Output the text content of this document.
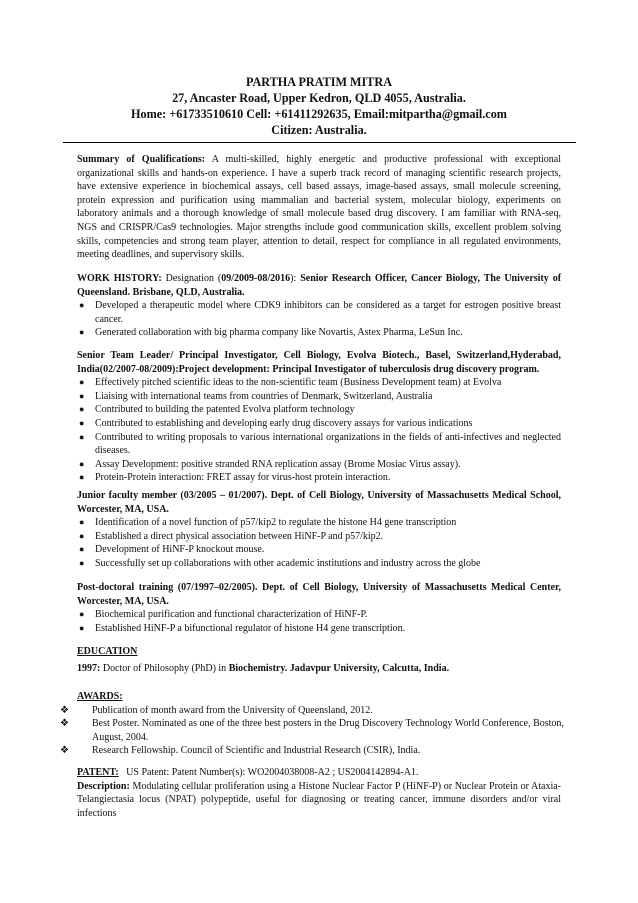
PARTHA PRATIM MITRA
27, Ancaster Road, Upper Kedron, QLD 4055, Australia.
Home: +61733510610 Cell: +61411292635, Email:mitpartha@gmail.com
Citizen: Australia.
Summary of Qualifications: A multi-skilled, highly energetic and productive professional with exceptional organizational skills and hands-on experience. I have a superb track record of managing scientific research projects, have extensive experience in biochemical assays, cell based assays, image-based assays, small molecule screening, protein expression and purification using mammalian and bacterial system, molecular biology, experiments on laboratory animals and a thorough knowledge of small molecule based drug discovery. I am familiar with RNA-seq, NGS and CRISPR/Cas9 technologies. Major strengths include good communication skills, excellent problem solving skills, competencies and strong team player, attention to detail, respect for compliance in all regulated environments, meeting deadlines, and supervisory skills.
WORK HISTORY: Designation (09/2009-08/2016): Senior Research Officer, Cancer Biology, The University of Queensland. Brisbane, QLD, Australia.
● Developed a therapeutic model where CDK9 inhibitors can be considered as a target for estrogen positive breast cancer.
● Generated collaboration with big pharma company like Novartis, Astex Pharma, LeSun Inc.
Senior Team Leader/ Principal Investigator, Cell Biology, Evolva Biotech., Basel, Switzerland,Hyderabad, India(02/2007-08/2009):Project development: Principal Investigator of tuberculosis drug discovery program.
● Effectively pitched scientific ideas to the non-scientific team (Business Development team) at Evolva
● Liaising with international teams from countries of Denmark, Switzerland, Australia
● Contributed to building the patented Evolva platform technology
● Contributed to establishing and developing early drug discovery assays for various indications
● Contributed to writing proposals to various international organizations in the fields of anti-infectives and neglected diseases.
● Assay Development: positive stranded RNA replication assay (Brome Mosiac Virus assay).
● Protein-Protein interaction: FRET assay for virus-host protein interaction.
Junior faculty member (03/2005 – 01/2007). Dept. of Cell Biology, University of Massachusetts Medical School, Worcester, MA, USA.
● Identification of a novel function of p57/kip2 to regulate the histone H4 gene transcription
● Established a direct physical association between HiNF-P and p57/kip2.
● Development of HiNF-P knockout mouse.
● Successfully set up collaborations with other academic institutions and industry across the globe
Post-doctoral training (07/1997–02/2005). Dept. of Cell Biology, University of Massachusetts Medical Center, Worcester, MA, USA.
● Biochemical purification and functional characterization of HiNF-P.
● Established HiNF-P a bifunctional regulator of histone H4 gene transcription.
EDUCATION
1997: Doctor of Philosophy (PhD) in Biochemistry. Jadavpur University, Calcutta, India.
AWARDS:
❖ Publication of month award from the University of Queensland, 2012.
❖ Best Poster. Nominated as one of the three best posters in the Drug Discovery Technology World Conference, Boston, August, 2004.
❖ Research Fellowship. Council of Scientific and Industrial Research (CSIR), India.
PATENT:   US Patent: Patent Number(s): WO2004038008-A2 ; US2004142894-A1.
Description: Modulating cellular proliferation using a Histone Nuclear Factor P (HiNF-P) or Nuclear Protein or Ataxia-Telangiectasia locus (NPAT) polypeptide, useful for diagnosing or treating cancer, immune disorders and/or viral infections
